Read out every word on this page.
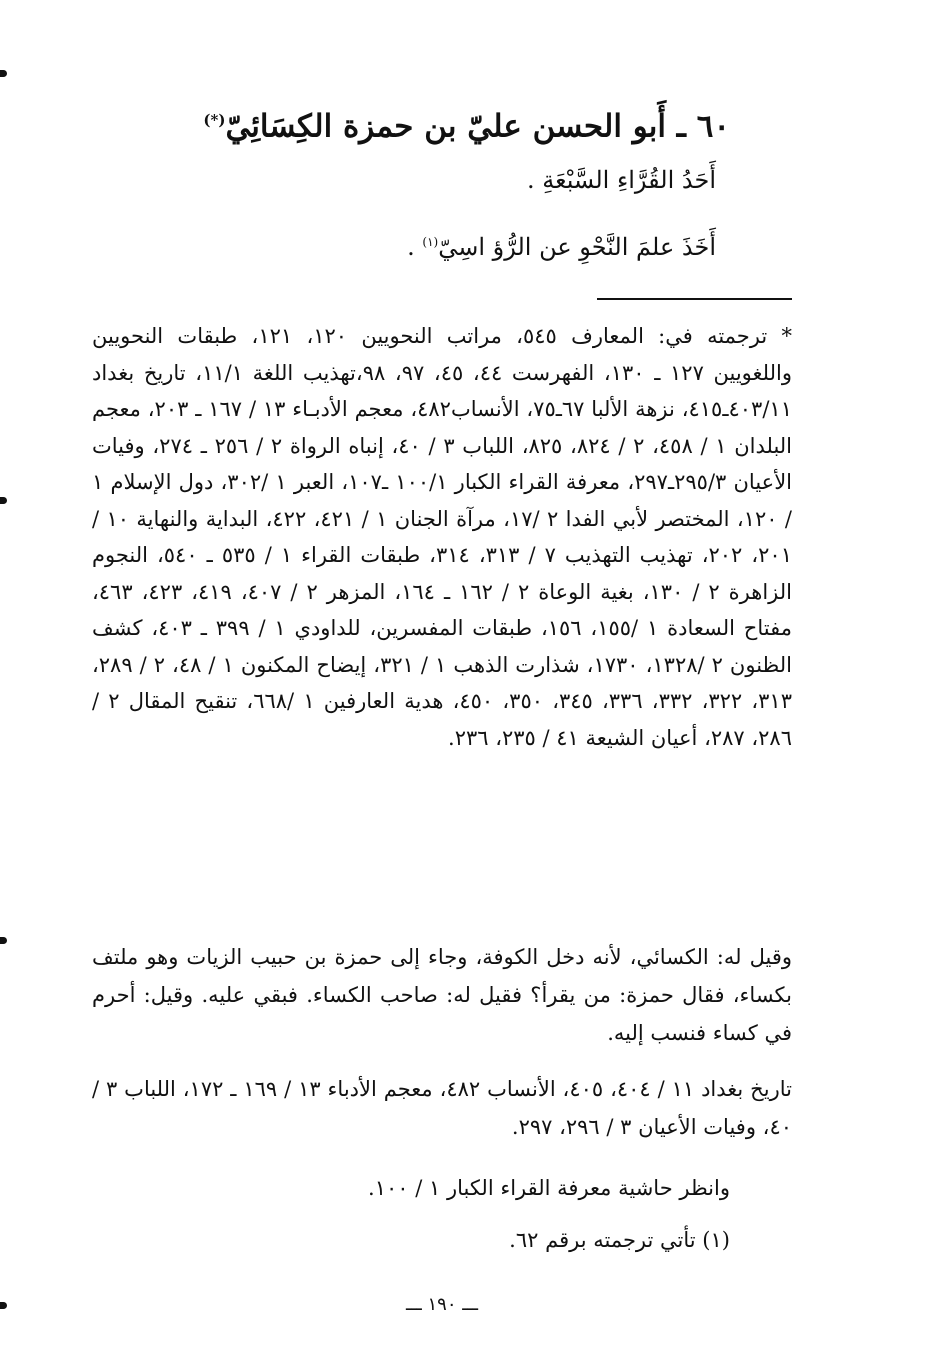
٦٠ ـ أَبو الحسن عليّ بن حمزة الكِسَائِيّ(*)

أَحَدُ القُرَّاءِ السَّبْعَةِ .

أَخَذَ علمَ النَّحْوِ عن الرُّؤ اسِيّ$^{(١)}$ .

* ترجمته في: المعارف ٥٤٥، مراتب النحويين ١٢٠، ١٢١، طبقات النحويين واللغويين ١٢٧ ـ ١٣٠، الفهرست ٤٤، ٤٥، ٩٧، ٩٨،تهذيب اللغة ١١/١، تاريخ بغداد ٤٠٣/١١ـ٤١٥، نزهة الألبا ٦٧ـ٧٥، الأنساب٤٨٢، معجم الأدبـاء ١٣ / ١٦٧ ـ ٢٠٣، معجم البلدان ١ / ٤٥٨، ٢ / ٨٢٤، ٨٢٥، اللباب ٣ / ٤٠، إنباه الرواة ٢ / ٢٥٦ ـ ٢٧٤، وفيات الأعيان ٢٩٥/٣ـ٢٩٧، معرفة القراء الكبار ١٠٠/١ ـ١٠٧، العبر ١ /٣٠٢، دول الإسلام ١ / ١٢٠، المختصر لأبي الفدا ٢ /١٧، مرآة الجنان ١ / ٤٢١، ٤٢٢، البداية والنهاية ١٠ /٢٠١، ٢٠٢، تهذيب التهذيب ٧ / ٣١٣، ٣١٤، طبقات القراء ١ / ٥٣٥ ـ ٥٤٠، النجوم الزاهرة ٢ / ١٣٠، بغية الوعاة ٢ / ١٦٢ ـ ١٦٤، المزهر ٢ / ٤٠٧، ٤١٩، ٤٢٣، ٤٦٣، مفتاح السعادة ١ /١٥٥، ١٥٦، طبقات المفسرين، للداودي ١ / ٣٩٩ ـ ٤٠٣، كشف الظنون ٢ /١٣٢٨، ١٧٣٠، شذارت الذهب ١ / ٣٢١، إيضاح المكنون ١ / ٤٨، ٢ / ٢٨٩، ٣١٣، ٣٢٢، ٣٣٢، ٣٣٦، ٣٤٥، ٣٥٠، ٤٥٠، هدية العارفين ١ /٦٦٨، تنقيح المقال ٢ / ٢٨٦، ٢٨٧، أعيان الشيعة ٤١ / ٢٣٥، ٢٣٦.

وقيل له: الكسائي، لأنه دخل الكوفة، وجاء إلى حمزة بن حبيب الزيات وهو ملتف بكساء، فقال حمزة: من يقرأ؟ فقيل له: صاحب الكساء. فبقي عليه. وقيل: أحرم في كساء فنسب إليه.

تاريخ بغداد ١١ / ٤٠٤، ٤٠٥، الأنساب ٤٨٢، معجم الأدباء ١٣ / ١٦٩ ـ ١٧٢، اللباب ٣ / ٤٠، وفيات الأعيان ٣ / ٢٩٦، ٢٩٧.

وانظر حاشية معرفة القراء الكبار ١ / ١٠٠.

(١) تأتي ترجمته برقم ٦٢.

ـــ ١٩٠ ـــ
